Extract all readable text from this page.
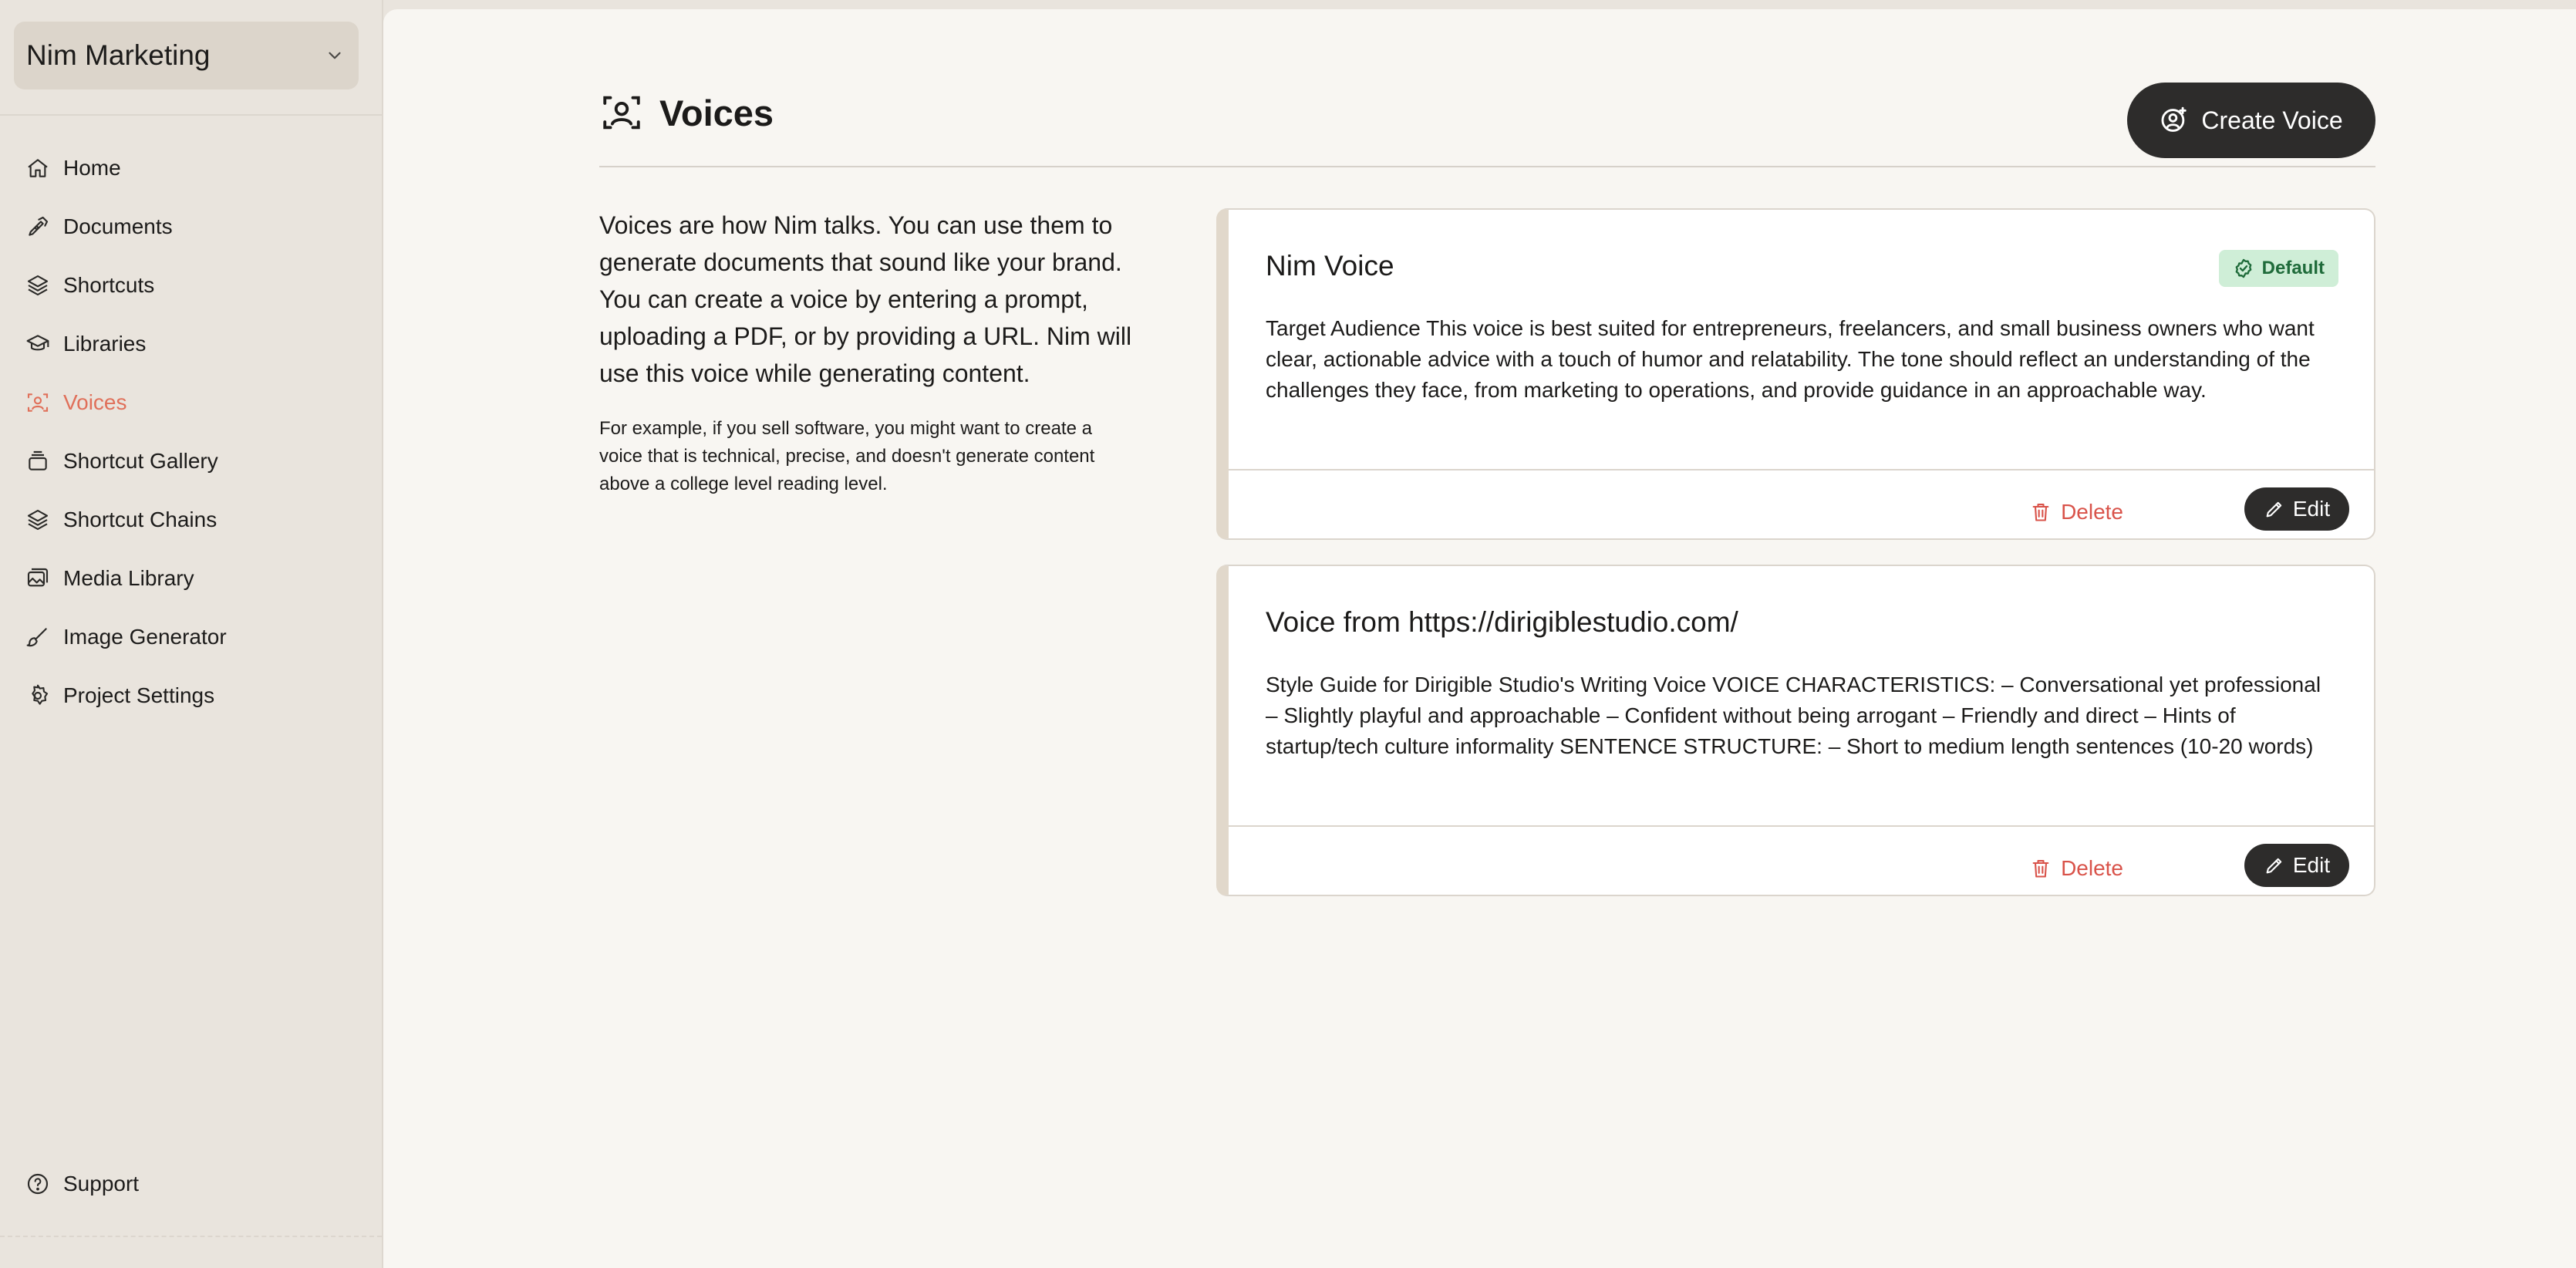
Nim Marketing
Home
Documents
Shortcuts
Libraries
Voices
Shortcut Gallery
Shortcut Chains
Media Library
Image Generator
Project Settings
Support
Voices	Create Voice

Voices are how Nim talks. You can use them to generate documents that sound like your brand. You can create a voice by entering a prompt, uploading a PDF, or by providing a URL. Nim will use this voice while generating content.

For example, if you sell software, you might want to create a voice that is technical, precise, and doesn't generate content above a college level reading level.

Nim Voice	Default
Target Audience This voice is best suited for entrepreneurs, freelancers, and small business owners who want clear, actionable advice with a touch of humor and relatability. The tone should reflect an understanding of the challenges they face, from marketing to operations, and provide guidance in an approachable way.
Delete	Edit
Voice from https://dirigiblestudio.com/
Style Guide for Dirigible Studio's Writing Voice VOICE CHARACTERISTICS: – Conversational yet professional – Slightly playful and approachable – Confident without being arrogant – Friendly and direct – Hints of startup/tech culture informality SENTENCE STRUCTURE: – Short to medium length sentences (10-20 words)
Delete	Edit
